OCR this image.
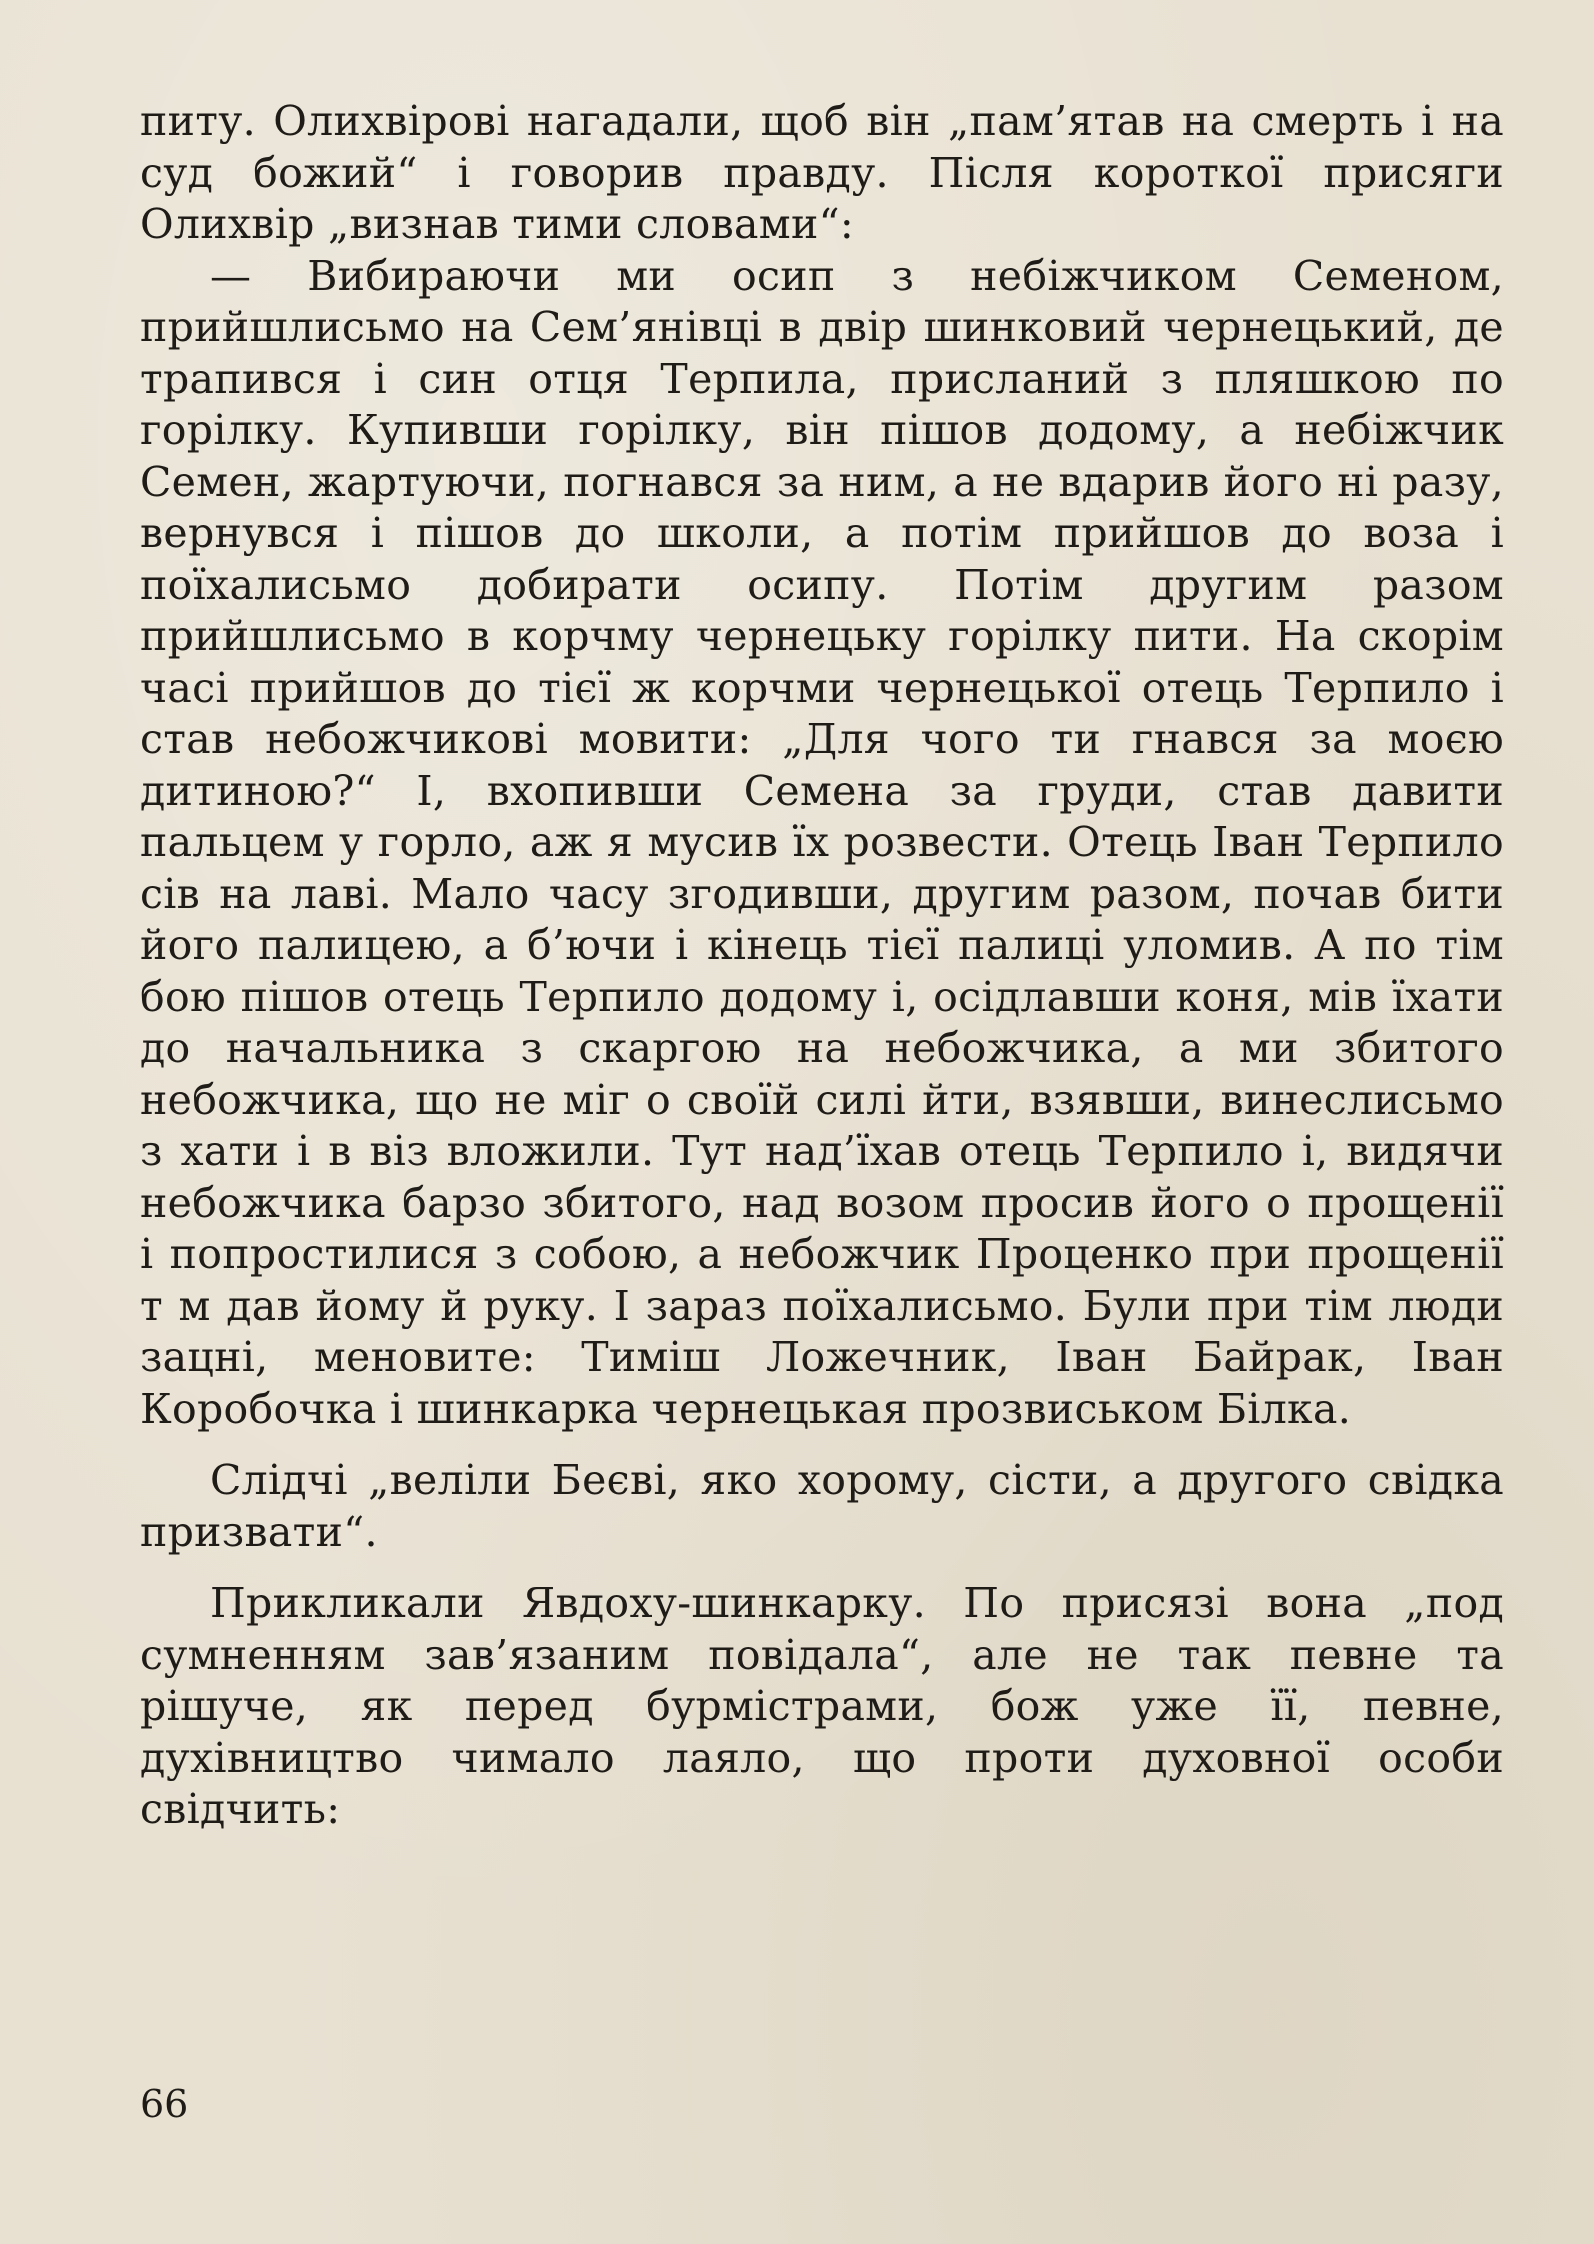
питу. Олихвірові нагадали, щоб він „пам’ятав на смерть і на суд божий“ і говорив правду. Після короткої присяги Олихвір „визнав тими словами“:

— Вибираючи ми осип з небіжчиком Семеном, прийшлисьмо на Сем’янівці в двір шинковий чернецький, де трапився і син отця Терпила, присланий з пляшкою по горілку. Купивши горілку, він пішов додому, а небіжчик Семен, жартуючи, погнався за ним, а не вдарив його ні разу, вернувся і пішов до школи, а потім прийшов до воза і поїхалисьмо добирати осипу. Потім другим разом прийшлисьмо в корчму чернецьку горілку пити. На скорім часі прийшов до тієї ж корчми чернецької отець Терпило і став небожчикові мовити: „Для чого ти гнався за моєю дитиною?“ І, вхопивши Семена за груди, став давити пальцем у горло, аж я мусив їх розвести. Отець Іван Терпило сів на лаві. Мало часу згодивши, другим разом, почав бити його палицею, а б’ючи і кінець тієї палиці уломив. А по тім бою пішов отець Терпило додому і, осідлавши коня, мів їхати до начальника з скаргою на небожчика, а ми збитого небожчика, що не міг о своїй силі йти, взявши, винеслисьмо з хати і в віз вложили. Тут над’їхав отець Терпило і, видячи небожчика барзо збитого, над возом просив його о прощенії і попростилися з собою, а небожчик Проценко при прощенії т м дав йому й руку. І зараз поїхалисьмо. Були при тім люди зацні, меновите: Тиміш Ложечник, Іван Байрак, Іван Коробочка і шинкарка чернецькая прозвиськом Білка.

Слідчі „веліли Беєві, яко хорому, сісти, а другого свідка призвати“.

Прикликали Явдоху-шинкарку. По присязі вона „под сумненням зав’язаним повідала“, але не так певне та рішуче, як перед бурмістрами, бож уже її, певне, духівництво чимало лаяло, що проти духовної особи свідчить:

66
